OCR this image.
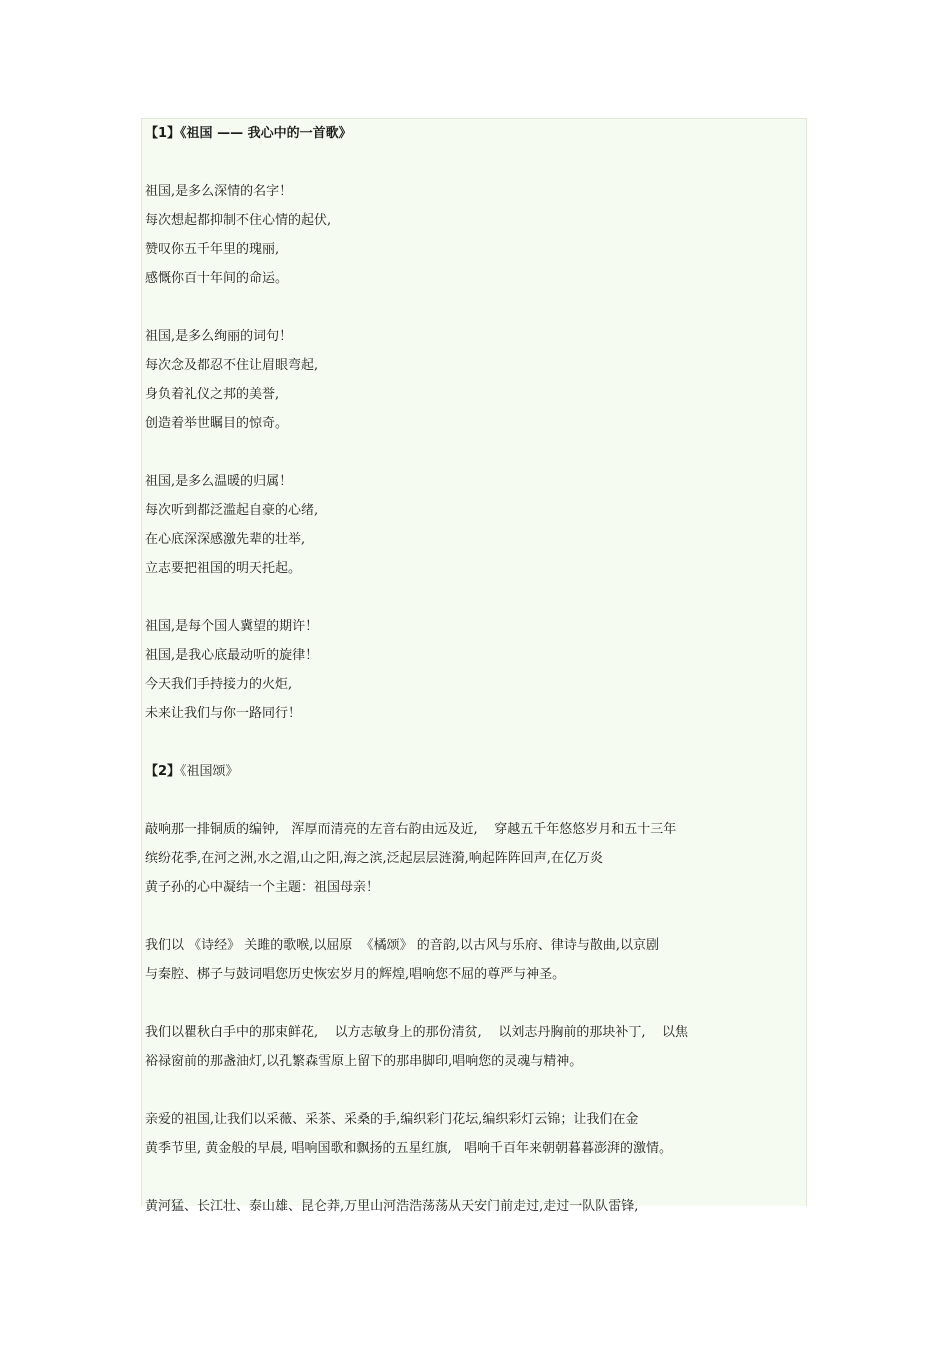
【1】《祖国 —— 我心中的一首歌》

祖国,是多么深情的名字！

每次想起都抑制不住心情的起伏,

赞叹你五千年里的瑰丽,

感慨你百十年间的命运。

祖国,是多么绚丽的词句！

每次念及都忍不住让眉眼弯起,

身负着礼仪之邦的美誉,

创造着举世瞩目的惊奇。

祖国,是多么温暖的归属！

每次听到都泛滥起自豪的心绪,

在心底深深感激先辈的壮举,

立志要把祖国的明天托起。

祖国,是每个国人冀望的期许！

祖国,是我心底最动听的旋律！

今天我们手持接力的火炬,

未来让我们与你一路同行！

【2】《祖国颂》

敲响那一排铜质的编钟,   浑厚而清亮的左音右韵由远及近,    穿越五千年悠悠岁月和五十三年

缤纷花季,在河之洲,水之湄,山之阳,海之滨,泛起层层涟漪,响起阵阵回声,在亿万炎

黄子孙的心中凝结一个主题：祖国母亲！

我们以 《诗经》 关雎的歌喉,以屈原  《橘颂》 的音韵,以古风与乐府、律诗与散曲,以京剧

与秦腔、梆子与鼓词唱您历史恢宏岁月的辉煌,唱响您不屈的尊严与神圣。

我们以瞿秋白手中的那束鲜花,    以方志敏身上的那份清贫,    以刘志丹胸前的那块补丁,    以焦

裕禄窗前的那盏油灯,以孔繁森雪原上留下的那串脚印,唱响您的灵魂与精神。

亲爱的祖国,让我们以采薇、采茶、采桑的手,编织彩门花坛,编织彩灯云锦；让我们在金

黄季节里, 黄金般的早晨, 唱响国歌和飘扬的五星红旗,   唱响千百年来朝朝暮暮澎湃的激情。

黄河猛、长江壮、泰山雄、昆仑莽,万里山河浩浩荡荡从天安门前走过,走过一队队雷锋,
